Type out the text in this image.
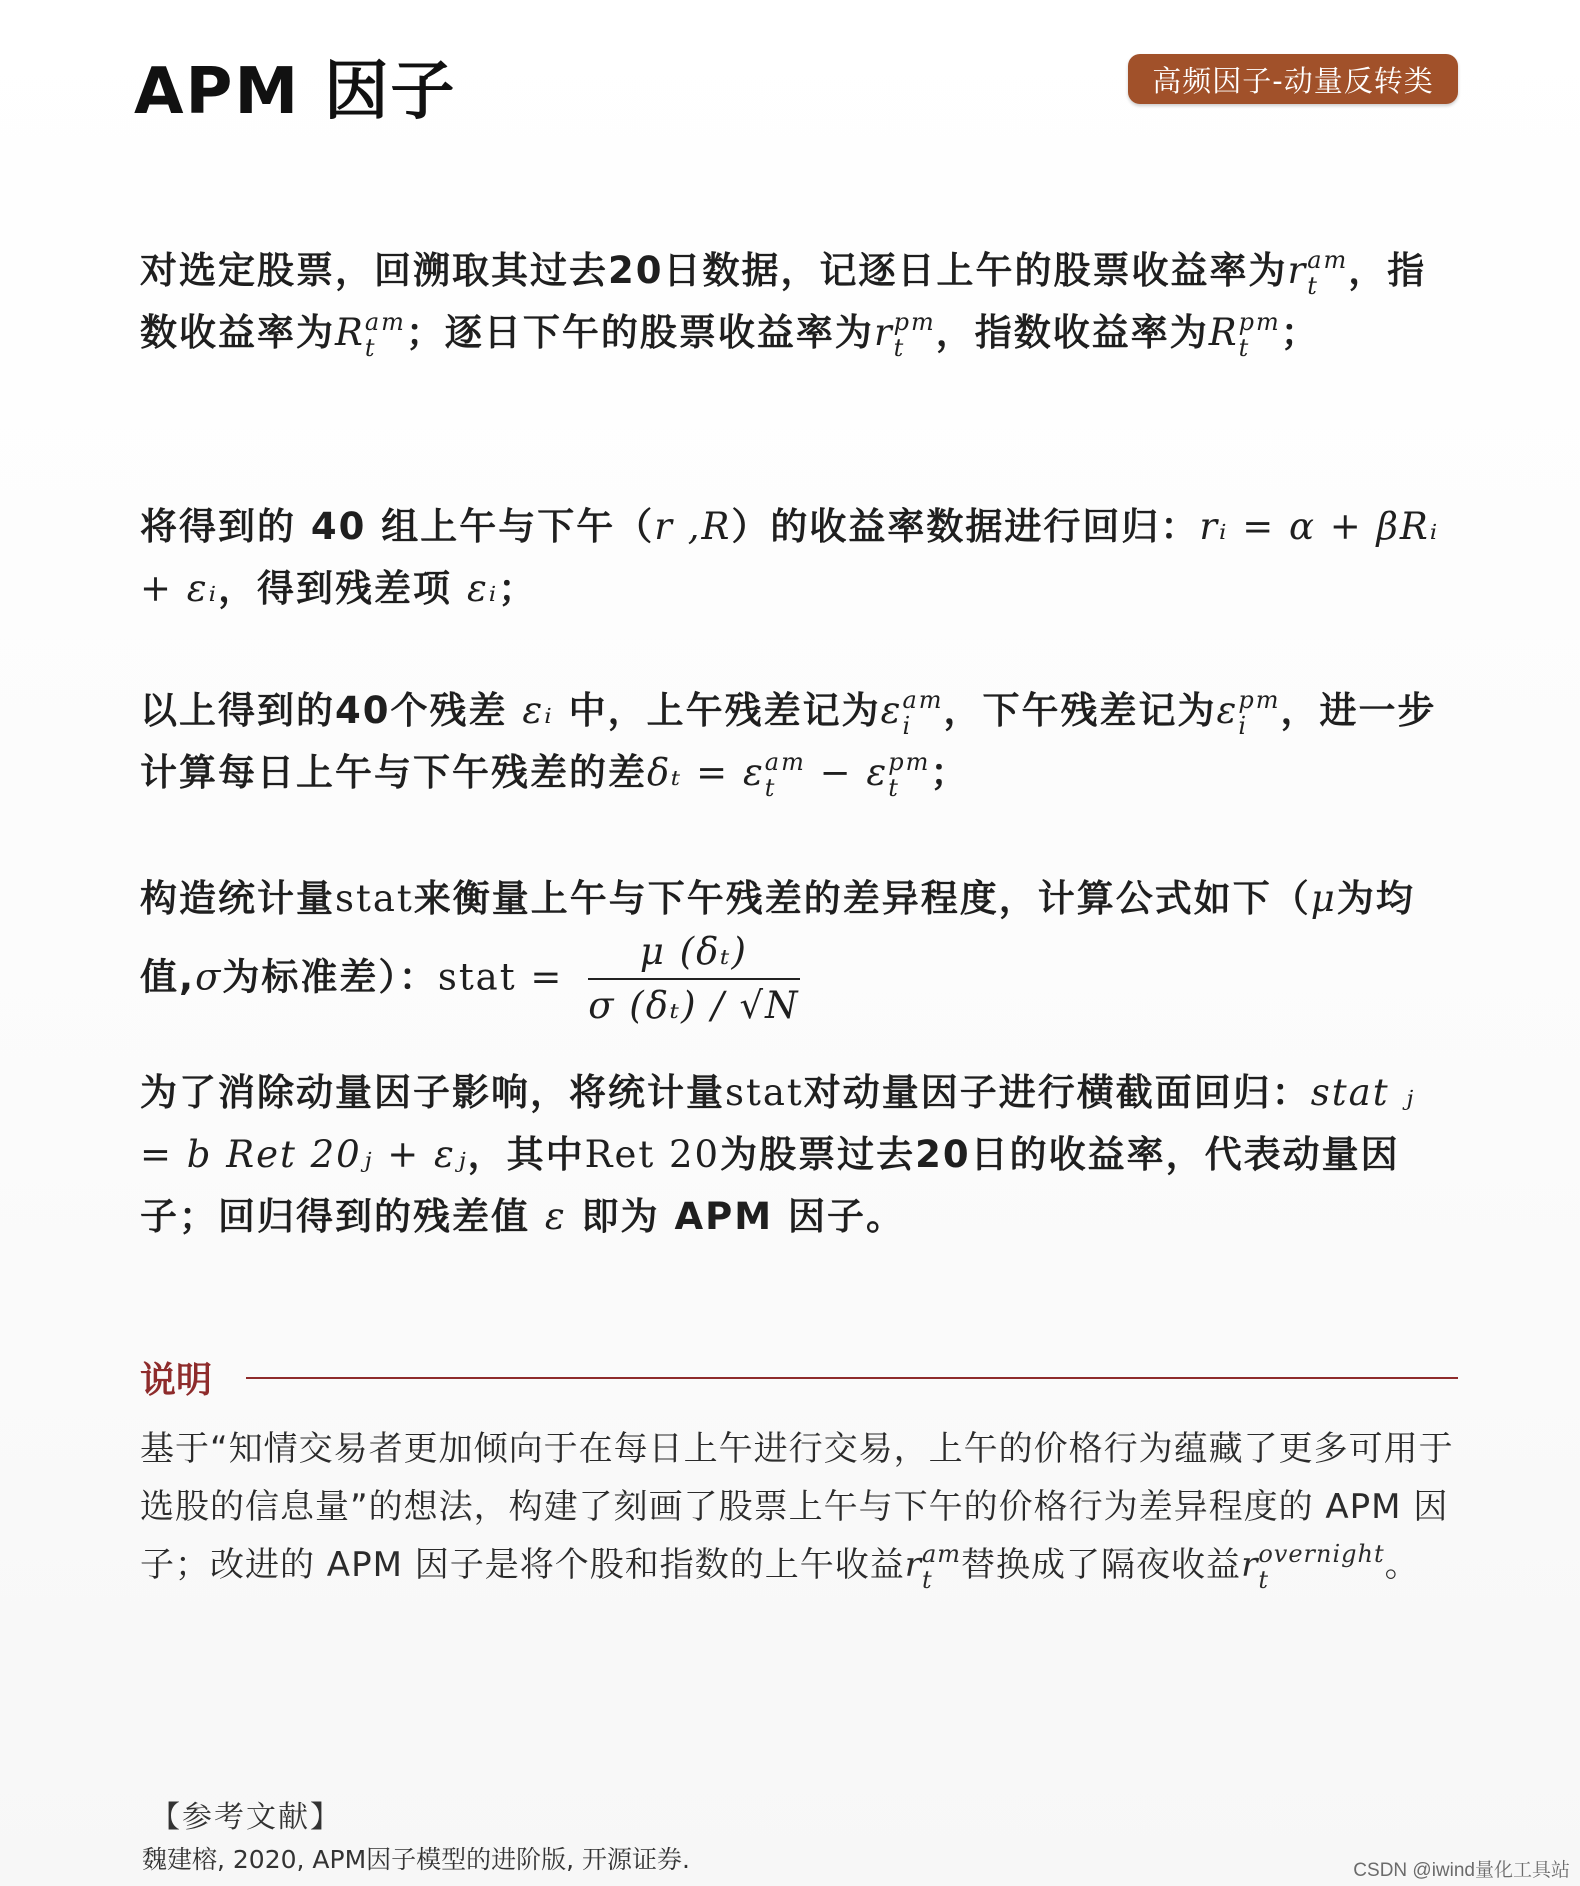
APM 因子	高频因子-动量反转类
对选定股票，回溯取其过去20日数据，记逐日上午的股票收益率为r am
t ，指数收益率为R am
t ；逐日下午的股票收益率为r pm
t ，指数收益率为R pm
t ；
将得到的 40 组上午与下午（r ,R）的收益率数据进行回归：rᵢ = α + βRᵢ + εᵢ，得到残差项 εᵢ；
以上得到的40个残差 εᵢ 中，上午残差记为ε am
i ，下午残差记为ε pm
i ，进一步计算每日上午与下午残差的差δₜ = ε am
t − ε pm
t ；
构造统计量stat来衡量上午与下午残差的差异程度，计算公式如下（μ为均值,σ为标准差）：stat = $\frac{\text{μ (δₜ)}}{\text{σ (δₜ) / √N}}$
为了消除动量因子影响，将统计量stat对动量因子进行横截面回归：stat ⱼ = b Ret 20ⱼ + εⱼ，其中Ret 20为股票过去20日的收益率，代表动量因子；回归得到的残差值 ε 即为 APM 因子。
说明
基于“知情交易者更加倾向于在每日上午进行交易，上午的价格行为蕴藏了更多可用于选股的信息量”的想法，构建了刻画了股票上午与下午的价格行为差异程度的 APM 因子；改进的 APM 因子是将个股和指数的上午收益r am
t 替换成了隔夜收益r overnight
t	。
【参考文献】
魏建榕, 2020, APM因子模型的进阶版, 开源证券.	CSDN @iwind量化工具站
